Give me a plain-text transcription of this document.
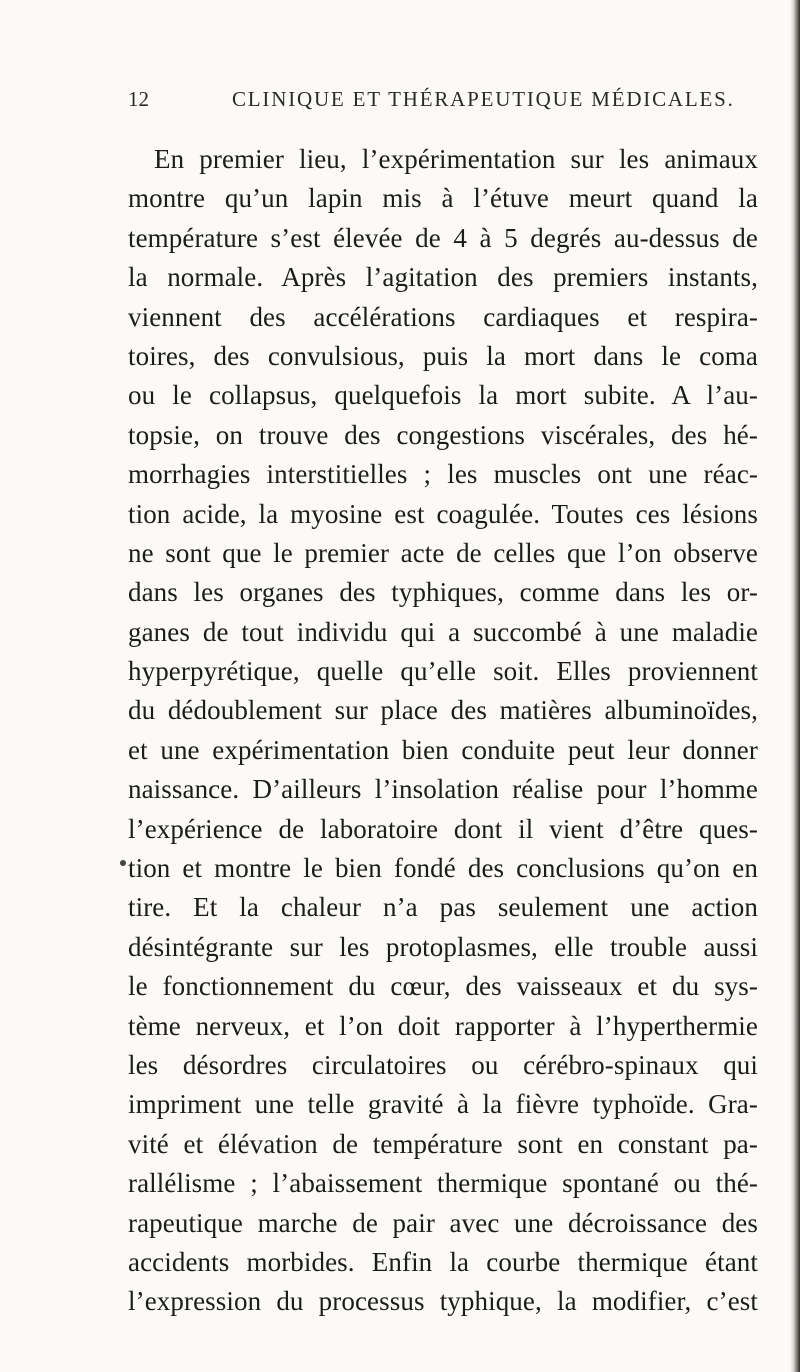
12	CLINIQUE ET THÉRAPEUTIQUE MÉDICALES.
En premier lieu, l’expérimentation sur les animaux
montre qu’un lapin mis à l’étuve meurt quand la
température s’est élevée de 4 à 5 degrés au-dessus de
la normale. Après l’agitation des premiers instants,
viennent des accélérations cardiaques et respira-
toires, des convulsious, puis la mort dans le coma
ou le collapsus, quelquefois la mort subite. A l’au-
topsie, on trouve des congestions viscérales, des hé-
morrhagies interstitielles ; les muscles ont une réac-
tion acide, la myosine est coagulée. Toutes ces lésions
ne sont que le premier acte de celles que l’on observe
dans les organes des typhiques, comme dans les or-
ganes de tout individu qui a succombé à une maladie
hyperpyrétique, quelle qu’elle soit. Elles proviennent
du dédoublement sur place des matières albuminoïdes,
et une expérimentation bien conduite peut leur donner
naissance. D’ailleurs l’insolation réalise pour l’homme
l’expérience de laboratoire dont il vient d’être ques-
tion et montre le bien fondé des conclusions qu’on en
tire. Et la chaleur n’a pas seulement une action
désintégrante sur les protoplasmes, elle trouble aussi
le fonctionnement du cœur, des vaisseaux et du sys-
tème nerveux, et l’on doit rapporter à l’hyperthermie
les désordres circulatoires ou cérébro-spinaux qui
impriment une telle gravité à la fièvre typhoïde. Gra-
vité et élévation de température sont en constant pa-
rallélisme ; l’abaissement thermique spontané ou thé-
rapeutique marche de pair avec une décroissance des
accidents morbides. Enfin la courbe thermique étant
l’expression du processus typhique, la modifier, c’est
